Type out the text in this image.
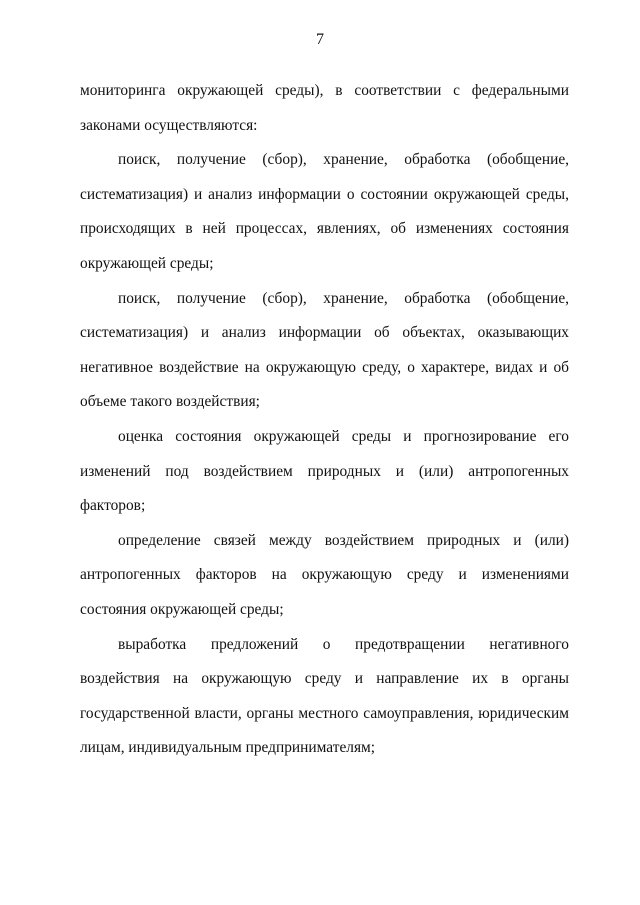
7

мониторинга окружающей среды), в соответствии с федеральными законами осуществляются:

поиск, получение (сбор), хранение, обработка (обобщение, систематизация) и анализ информации о состоянии окружающей среды, происходящих в ней процессах, явлениях, об изменениях состояния окружающей среды;

поиск, получение (сбор), хранение, обработка (обобщение, систематизация) и анализ информации об объектах, оказывающих негативное воздействие на окружающую среду, о характере, видах и об объеме такого воздействия;

оценка состояния окружающей среды и прогнозирование его изменений под воздействием природных и (или) антропогенных факторов;

определение связей между воздействием природных и (или) антропогенных факторов на окружающую среду и изменениями состояния окружающей среды;

выработка предложений о предотвращении негативного воздействия на окружающую среду и направление их в органы государственной власти, органы местного самоуправления, юридическим лицам, индивидуальным предпринимателям;
